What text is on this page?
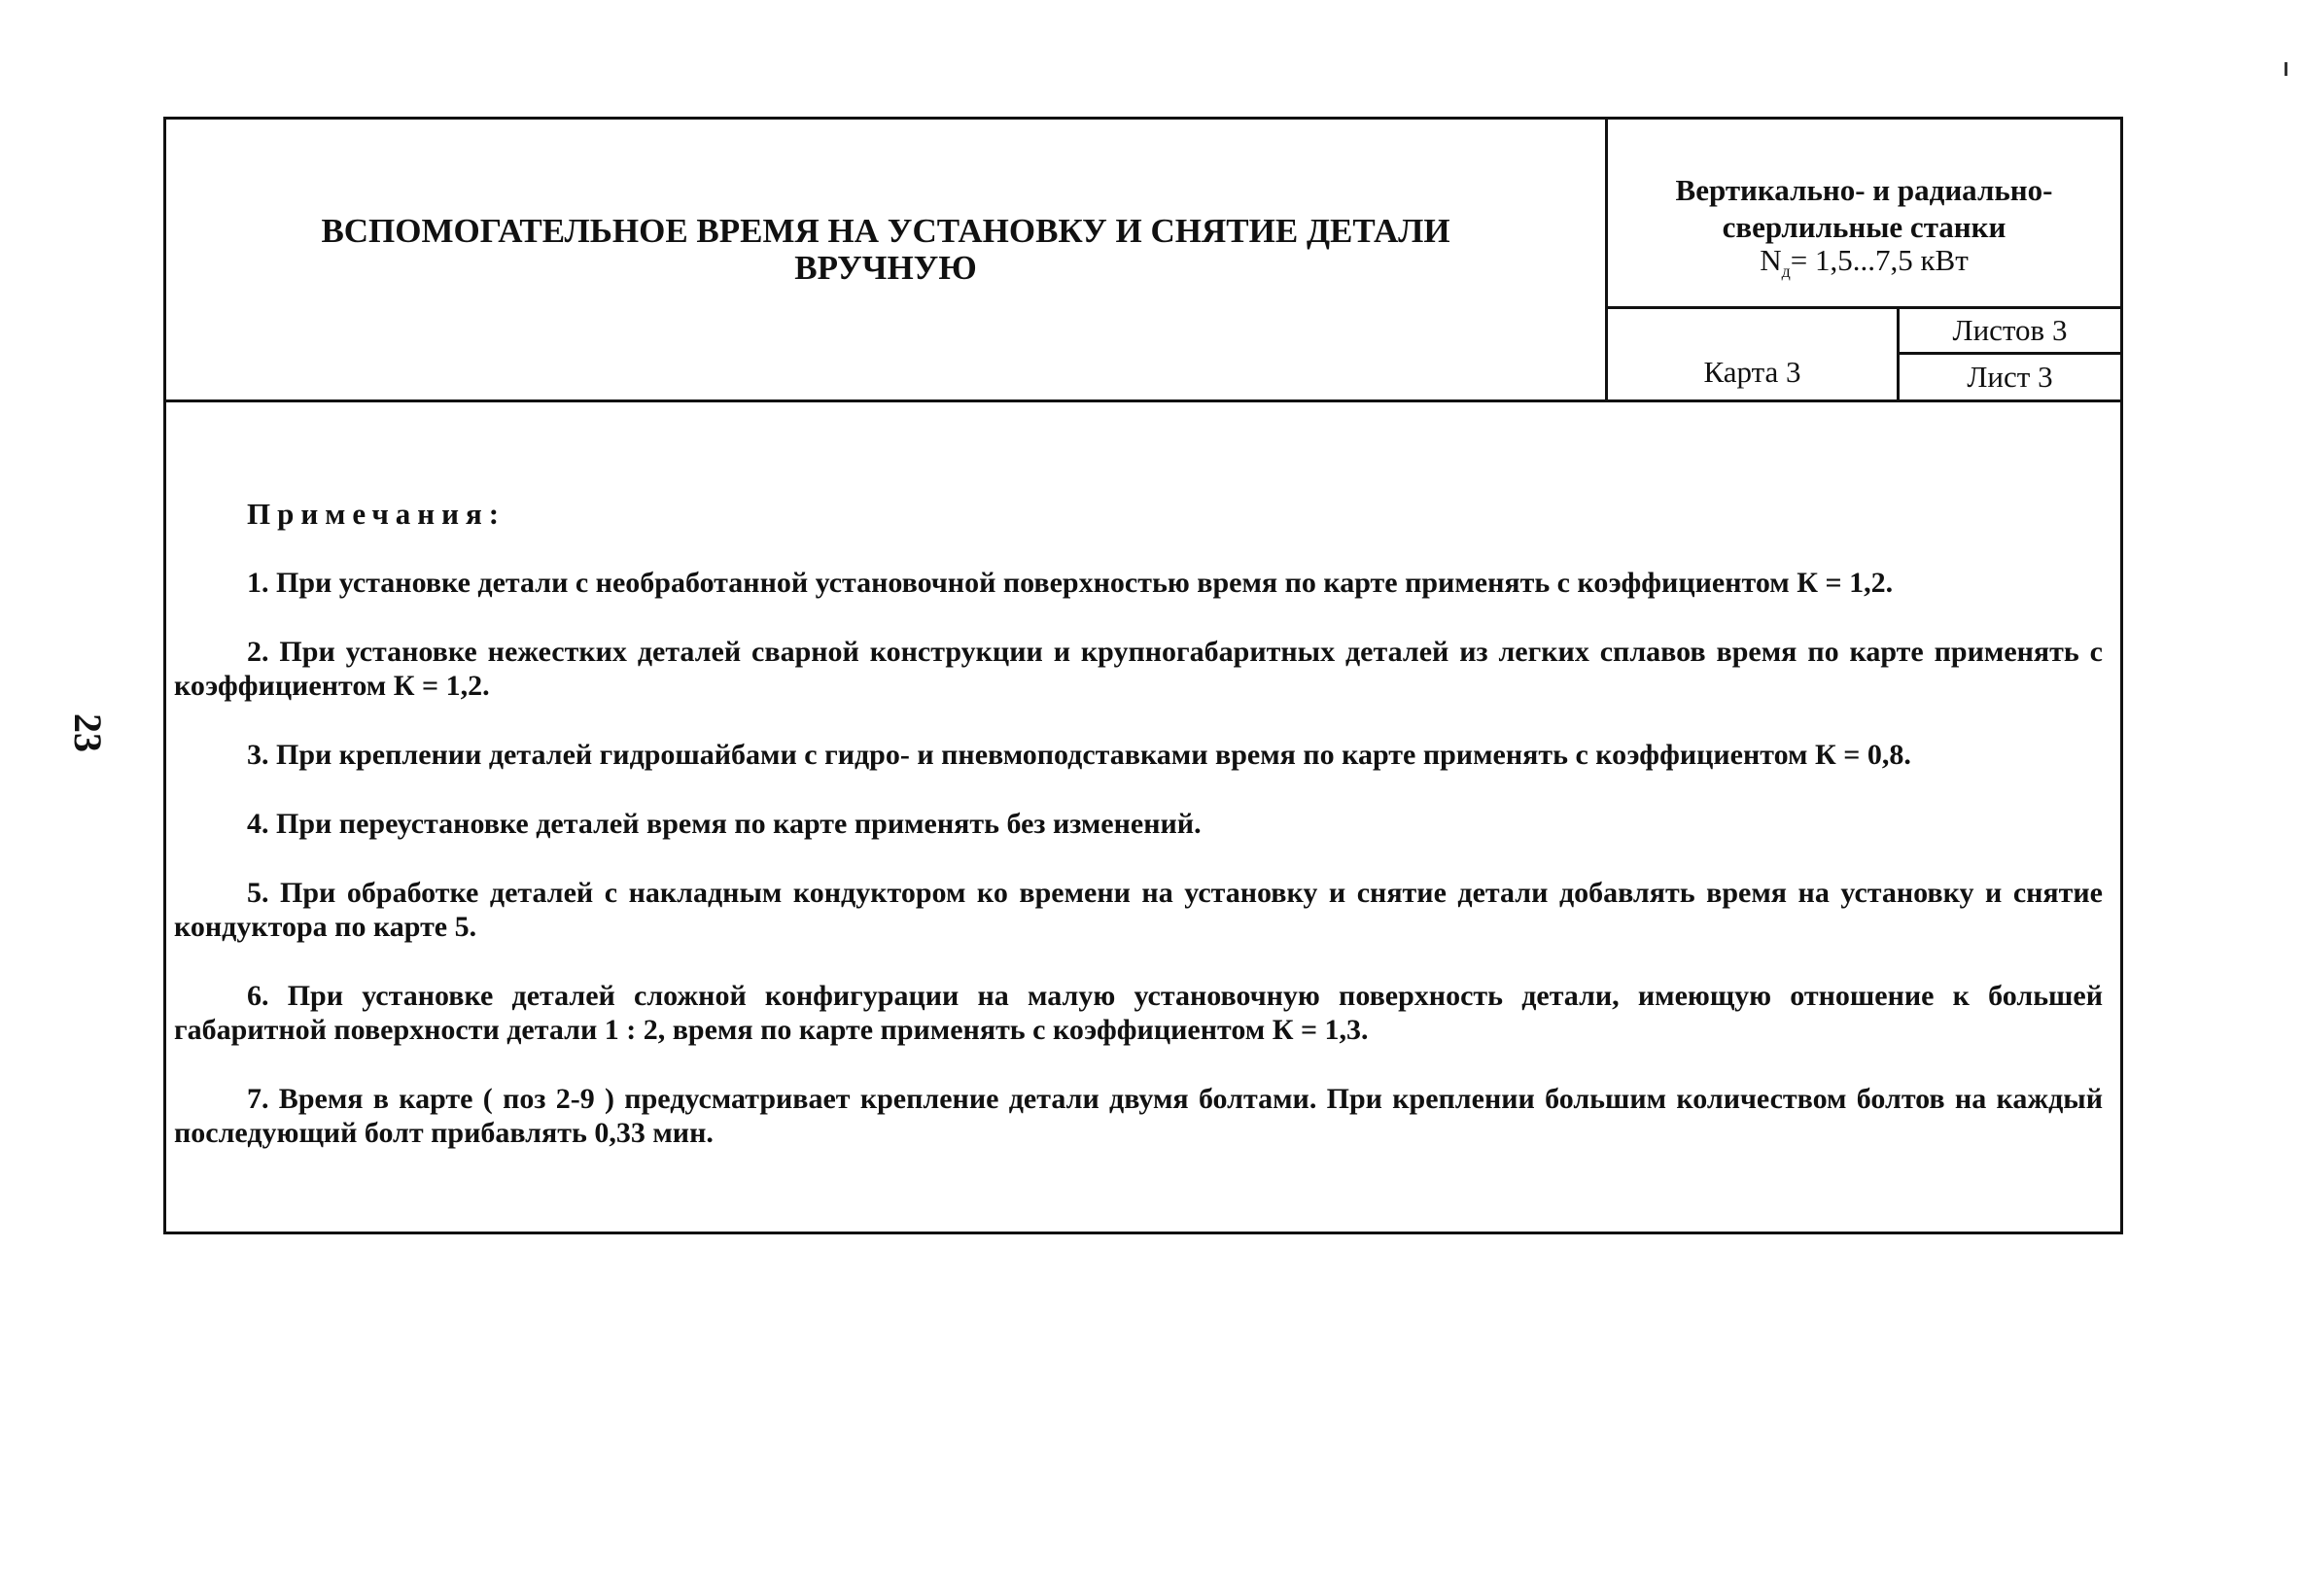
23
ВСПОМОГАТЕЛЬНОЕ ВРЕМЯ НА УСТАНОВКУ И СНЯТИЕ ДЕТАЛИ
ВРУЧНУЮ
Вертикально- и радиально-
сверлильные станки
$N_д= 1,5...7,5$ кВт
Карта 3
Листов 3
Лист 3
Примечания:

1. При установке детали с необработанной установочной поверхностью время по карте применять с коэффициентом К = 1,2.

2. При установке нежестких деталей сварной конструкции и крупногабаритных деталей из легких сплавов время по карте применять с коэффициентом К = 1,2.

3. При креплении деталей гидрошайбами с гидро- и пневмоподставками время по карте применять с коэффициентом К = 0,8.

4. При переустановке деталей время по карте применять без изменений.

5. При обработке деталей с накладным кондуктором ко времени на установку и снятие детали добавлять время на установку и снятие кондуктора по карте 5.

6. При установке деталей сложной конфигурации на малую установочную поверхность детали, имеющую отношение к большей габаритной поверхности детали 1 : 2, время по карте применять с коэффициентом К = 1,3.

7. Время в карте ( поз 2-9 ) предусматривает крепление детали двумя болтами. При креплении большим количеством болтов на каждый последующий болт прибавлять 0,33 мин.
